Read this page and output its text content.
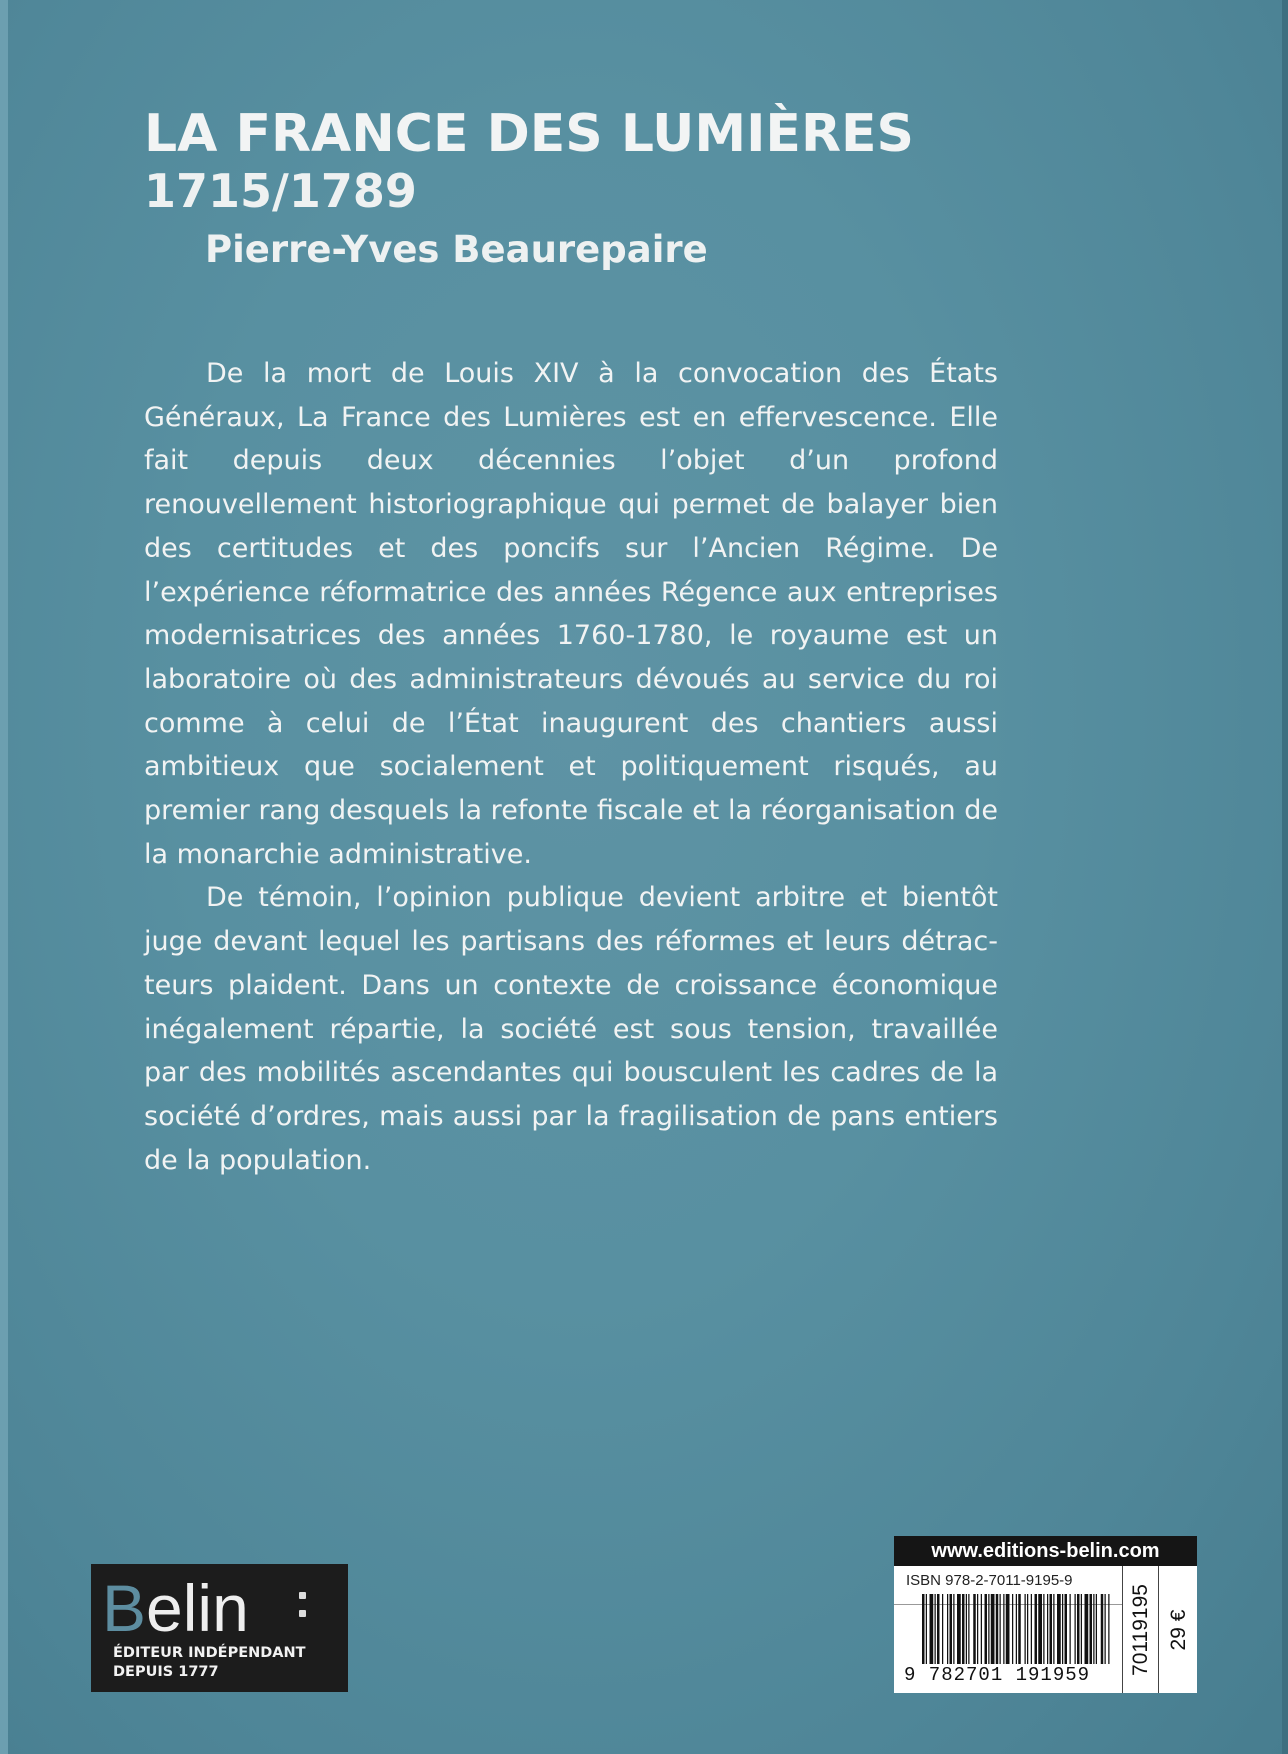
LA FRANCE DES LUMIÈRES
1715/1789
Pierre-Yves Beaurepaire

De la mort de Louis XIV à la convocation des États Généraux, La France des Lumières est en effervescence. Elle fait depuis deux décennies l’objet d’un profond renouvellement historiographique qui permet de balayer bien des certitudes et des poncifs sur l’Ancien Régime. De l’expérience réformatrice des années Régence aux entreprises modernisatrices des années 1760-1780, le royaume est un laboratoire où des administrateurs dévoués au service du roi comme à celui de l’État inaugurent des chantiers aussi ambitieux que socialement et politiquement risqués, au premier rang desquels la refonte fiscale et la réorganisation de la monarchie administrative.

De témoin, l’opinion publique devient arbitre et bientôt juge devant lequel les partisans des réformes et leurs détracteurs plaident. Dans un contexte de croissance économique inégalement répartie, la société est sous tension, travaillée par des mobilités ascendantes qui bousculent les cadres de la société d’ordres, mais aussi par la fragilisation de pans entiers de la population.

Belin

ÉDITEUR INDÉPENDANT
DEPUIS 1777

www.editions-belin.com

ISBN 978-2-7011-9195-9

9 782701 191959 70119195 29 €
